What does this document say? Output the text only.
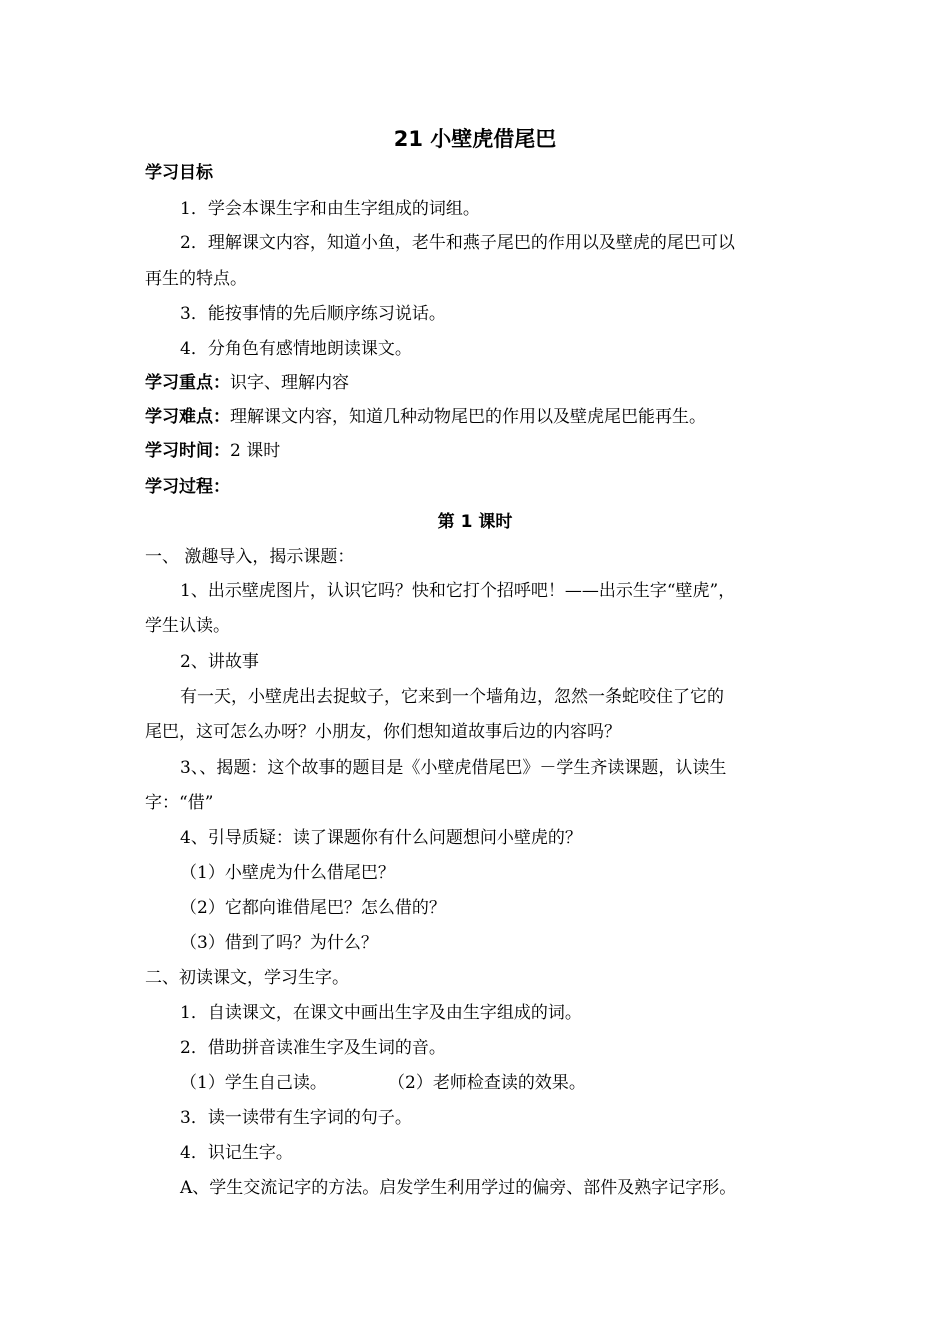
21 小壁虎借尾巴
学习目标
1．学会本课生字和由生字组成的词组。
2．理解课文内容，知道小鱼，老牛和燕子尾巴的作用以及壁虎的尾巴可以
再生的特点。
3．能按事情的先后顺序练习说话。
4．分角色有感情地朗读课文。
学习重点：识字、理解内容
学习难点：理解课文内容，知道几种动物尾巴的作用以及壁虎尾巴能再生。
学习时间：2 课时
学习过程：
第 1 课时
一、 激趣导入，揭示课题：
1、出示壁虎图片，认识它吗？快和它打个招呼吧！——出示生字“壁虎”，
学生认读。
2、讲故事
有一天，小壁虎出去捉蚊子，它来到一个墙角边，忽然一条蛇咬住了它的
尾巴，这可怎么办呀？小朋友，你们想知道故事后边的内容吗？
3、、揭题：这个故事的题目是《小壁虎借尾巴》－学生齐读课题，认读生
字：“借”
4、引导质疑：读了课题你有什么问题想问小壁虎的？
（1）小壁虎为什么借尾巴？
（2）它都向谁借尾巴？怎么借的？
（3）借到了吗？为什么？
二、初读课文，学习生字。
1．自读课文，在课文中画出生字及由生字组成的词。
2．借助拼音读准生字及生词的音。
（1）学生自己读。	（2）老师检查读的效果。
3．读一读带有生字词的句子。
4．识记生字。
A、学生交流记字的方法。启发学生利用学过的偏旁、部件及熟字记字形。
